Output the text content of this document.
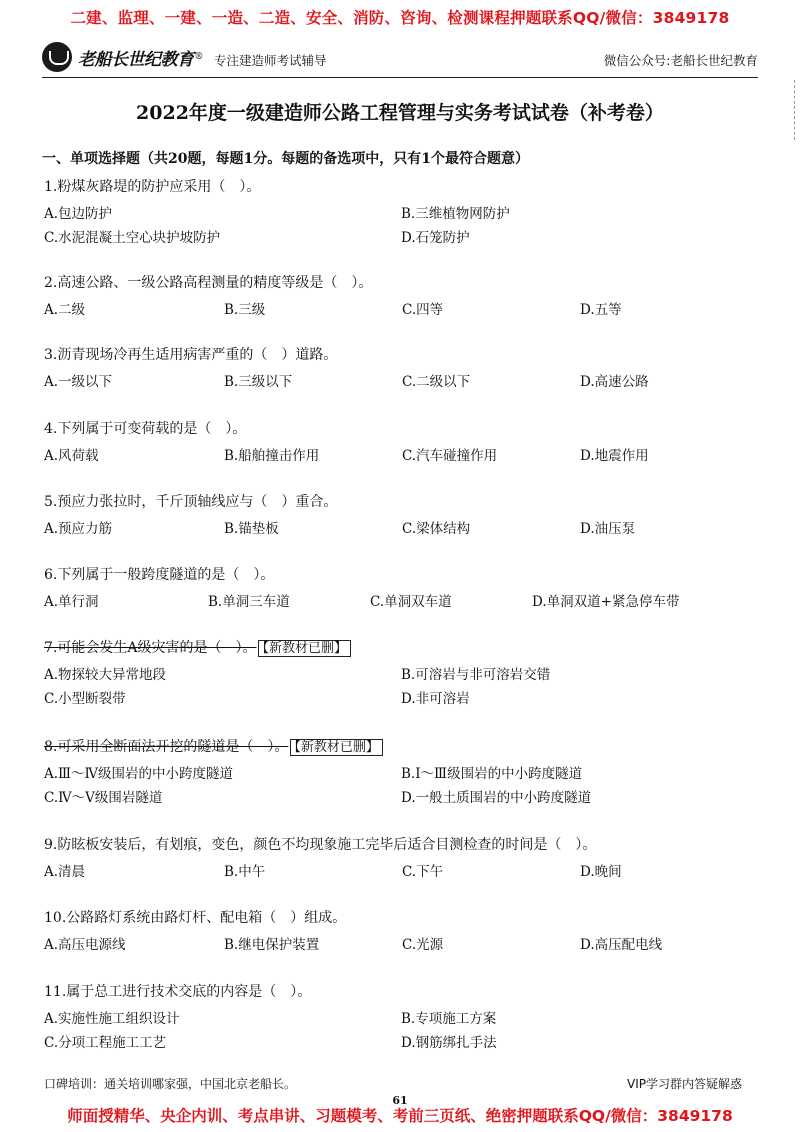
二建、监理、一建、一造、二造、安全、消防、咨询、检测课程押题联系QQ/微信：3849178
老船长世纪教育 ® 专注建造师考试辅导	微信公众号:老船长世纪教育
2022年度一级建造师公路工程管理与实务考试试卷（补考卷）
一、单项选择题（共20题，每题1分。每题的备选项中，只有1个最符合题意）
1.粉煤灰路堤的防护应采用（　）。
A.包边防护	B.三维植物网防护
C.水泥混凝土空心块护坡防护	D.石笼防护
2.高速公路、一级公路高程测量的精度等级是（　）。
A.二级	B.三级	C.四等	D.五等
3.沥青现场冷再生适用病害严重的（　）道路。
A.一级以下	B.三级以下	C.二级以下	D.高速公路
4.下列属于可变荷载的是（　）。
A.风荷载	B.船舶撞击作用	C.汽车碰撞作用	D.地震作用
5.预应力张拉时，千斤顶轴线应与（　）重合。
A.预应力筋	B.锚垫板	C.梁体结构	D.油压泵
6.下列属于一般跨度隧道的是（　）。
A.单行洞	B.单洞三车道	C.单洞双车道	D.单洞双道+紧急停车带
7.可能会发生A级灾害的是（　）。 【新教材已删】
A.物探较大异常地段	B.可溶岩与非可溶岩交错
C.小型断裂带	D.非可溶岩
8.可采用全断面法开挖的隧道是（　）。 【新教材已删】
A.Ⅲ～Ⅳ级围岩的中小跨度隧道	B.Ⅰ～Ⅲ级围岩的中小跨度隧道
C.Ⅳ～Ⅴ级围岩隧道	D.一般土质围岩的中小跨度隧道
9.防眩板安装后，有划痕，变色，颜色不均现象施工完毕后适合目测检查的时间是（　）。
A.清晨	B.中午	C.下午	D.晚间
10.公路路灯系统由路灯杆、配电箱（　）组成。
A.高压电源线	B.继电保护装置	C.光源	D.高压配电线
11.属于总工进行技术交底的内容是（　）。
A.实施性施工组织设计	B.专项施工方案
C.分项工程施工工艺	D.钢筋绑扎手法
口碑培训：通关培训哪家强，中国北京老船长。	VIP学习群内答疑解惑
61
师面授精华、央企内训、考点串讲、习题模考、考前三页纸、绝密押题联系QQ/微信：3849178
